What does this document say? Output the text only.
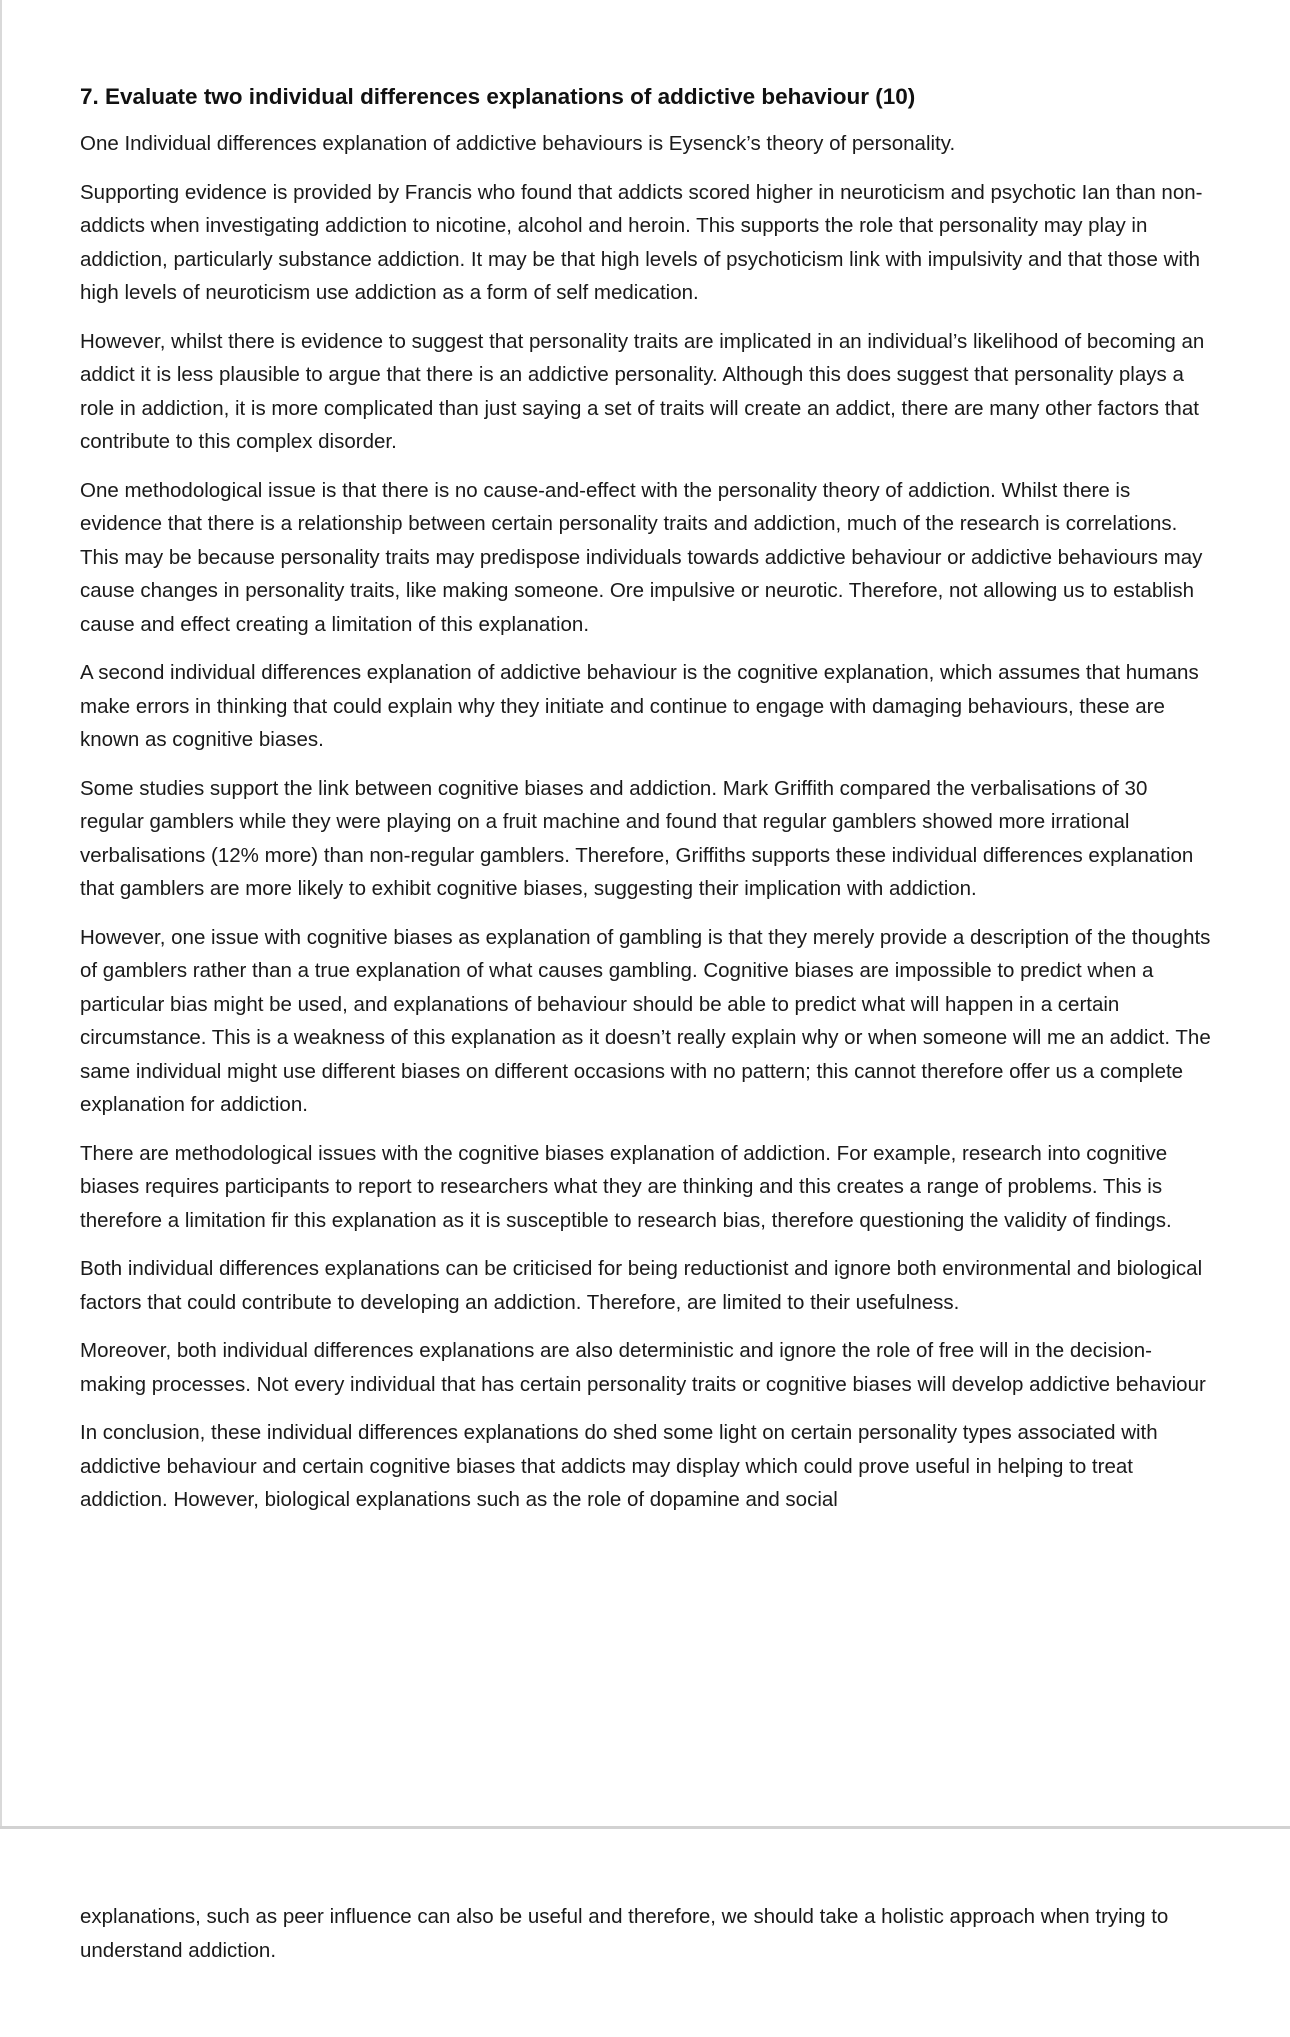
7. Evaluate two individual differences explanations of addictive behaviour (10)

One Individual differences explanation of addictive behaviours is Eysenck’s theory of personality.

Supporting evidence is provided by Francis who found that addicts scored higher in neuroticism and psychotic Ian than non-addicts when investigating addiction to nicotine, alcohol and heroin. This supports the role that personality may play in addiction, particularly substance addiction. It may be that high levels of psychoticism link with impulsivity and that those with high levels of neuroticism use addiction as a form of self medication.

However, whilst there is evidence to suggest that personality traits are implicated in an individual’s likelihood of becoming an addict it is less plausible to argue that there is an addictive personality. Although this does suggest that personality plays a role in addiction, it is more complicated than just saying a set of traits will create an addict, there are many other factors that contribute to this complex disorder.

One methodological issue is that there is no cause-and-effect with the personality theory of addiction. Whilst there is evidence that there is a relationship between certain personality traits and addiction, much of the research is correlations. This may be because personality traits may predispose individuals towards addictive behaviour or addictive behaviours may cause changes in personality traits, like making someone. Ore impulsive or neurotic. Therefore, not allowing us to establish cause and effect creating a limitation of this explanation.

A second individual differences explanation of addictive behaviour is the cognitive explanation, which assumes that humans make errors in thinking that could explain why they initiate and continue to engage with damaging behaviours, these are known as cognitive biases.

Some studies support the link between cognitive biases and addiction. Mark Griffith compared the verbalisations of 30 regular gamblers while they were playing on a fruit machine and found that regular gamblers showed more irrational verbalisations (12% more) than non-regular gamblers. Therefore, Griffiths supports these individual differences explanation that gamblers are more likely to exhibit cognitive biases, suggesting their implication with addiction.

However, one issue with cognitive biases as explanation of gambling is that they merely provide a description of the thoughts of gamblers rather than a true explanation of what causes gambling. Cognitive biases are impossible to predict when a particular bias might be used, and explanations of behaviour should be able to predict what will happen in a certain circumstance. This is a weakness of this explanation as it doesn’t really explain why or when someone will me an addict. The same individual might use different biases on different occasions with no pattern; this cannot therefore offer us a complete explanation for addiction.

There are methodological issues with the cognitive biases explanation of addiction. For example, research into cognitive biases requires participants to report to researchers what they are thinking and this creates a range of problems. This is therefore a limitation fir this explanation as it is susceptible to research bias, therefore questioning the validity of findings.

Both individual differences explanations can be criticised for being reductionist and ignore both environmental and biological factors that could contribute to developing an addiction. Therefore, are limited to their usefulness.

Moreover, both individual differences explanations are also deterministic and ignore the role of free will in the decision-making processes. Not every individual that has certain personality traits or cognitive biases will develop addictive behaviour

In conclusion, these individual differences explanations do shed some light on certain personality types associated with addictive behaviour and certain cognitive biases that addicts may display which could prove useful in helping to treat addiction. However, biological explanations such as the role of dopamine and social

explanations, such as peer influence can also be useful and therefore, we should take a holistic approach when trying to understand addiction.
